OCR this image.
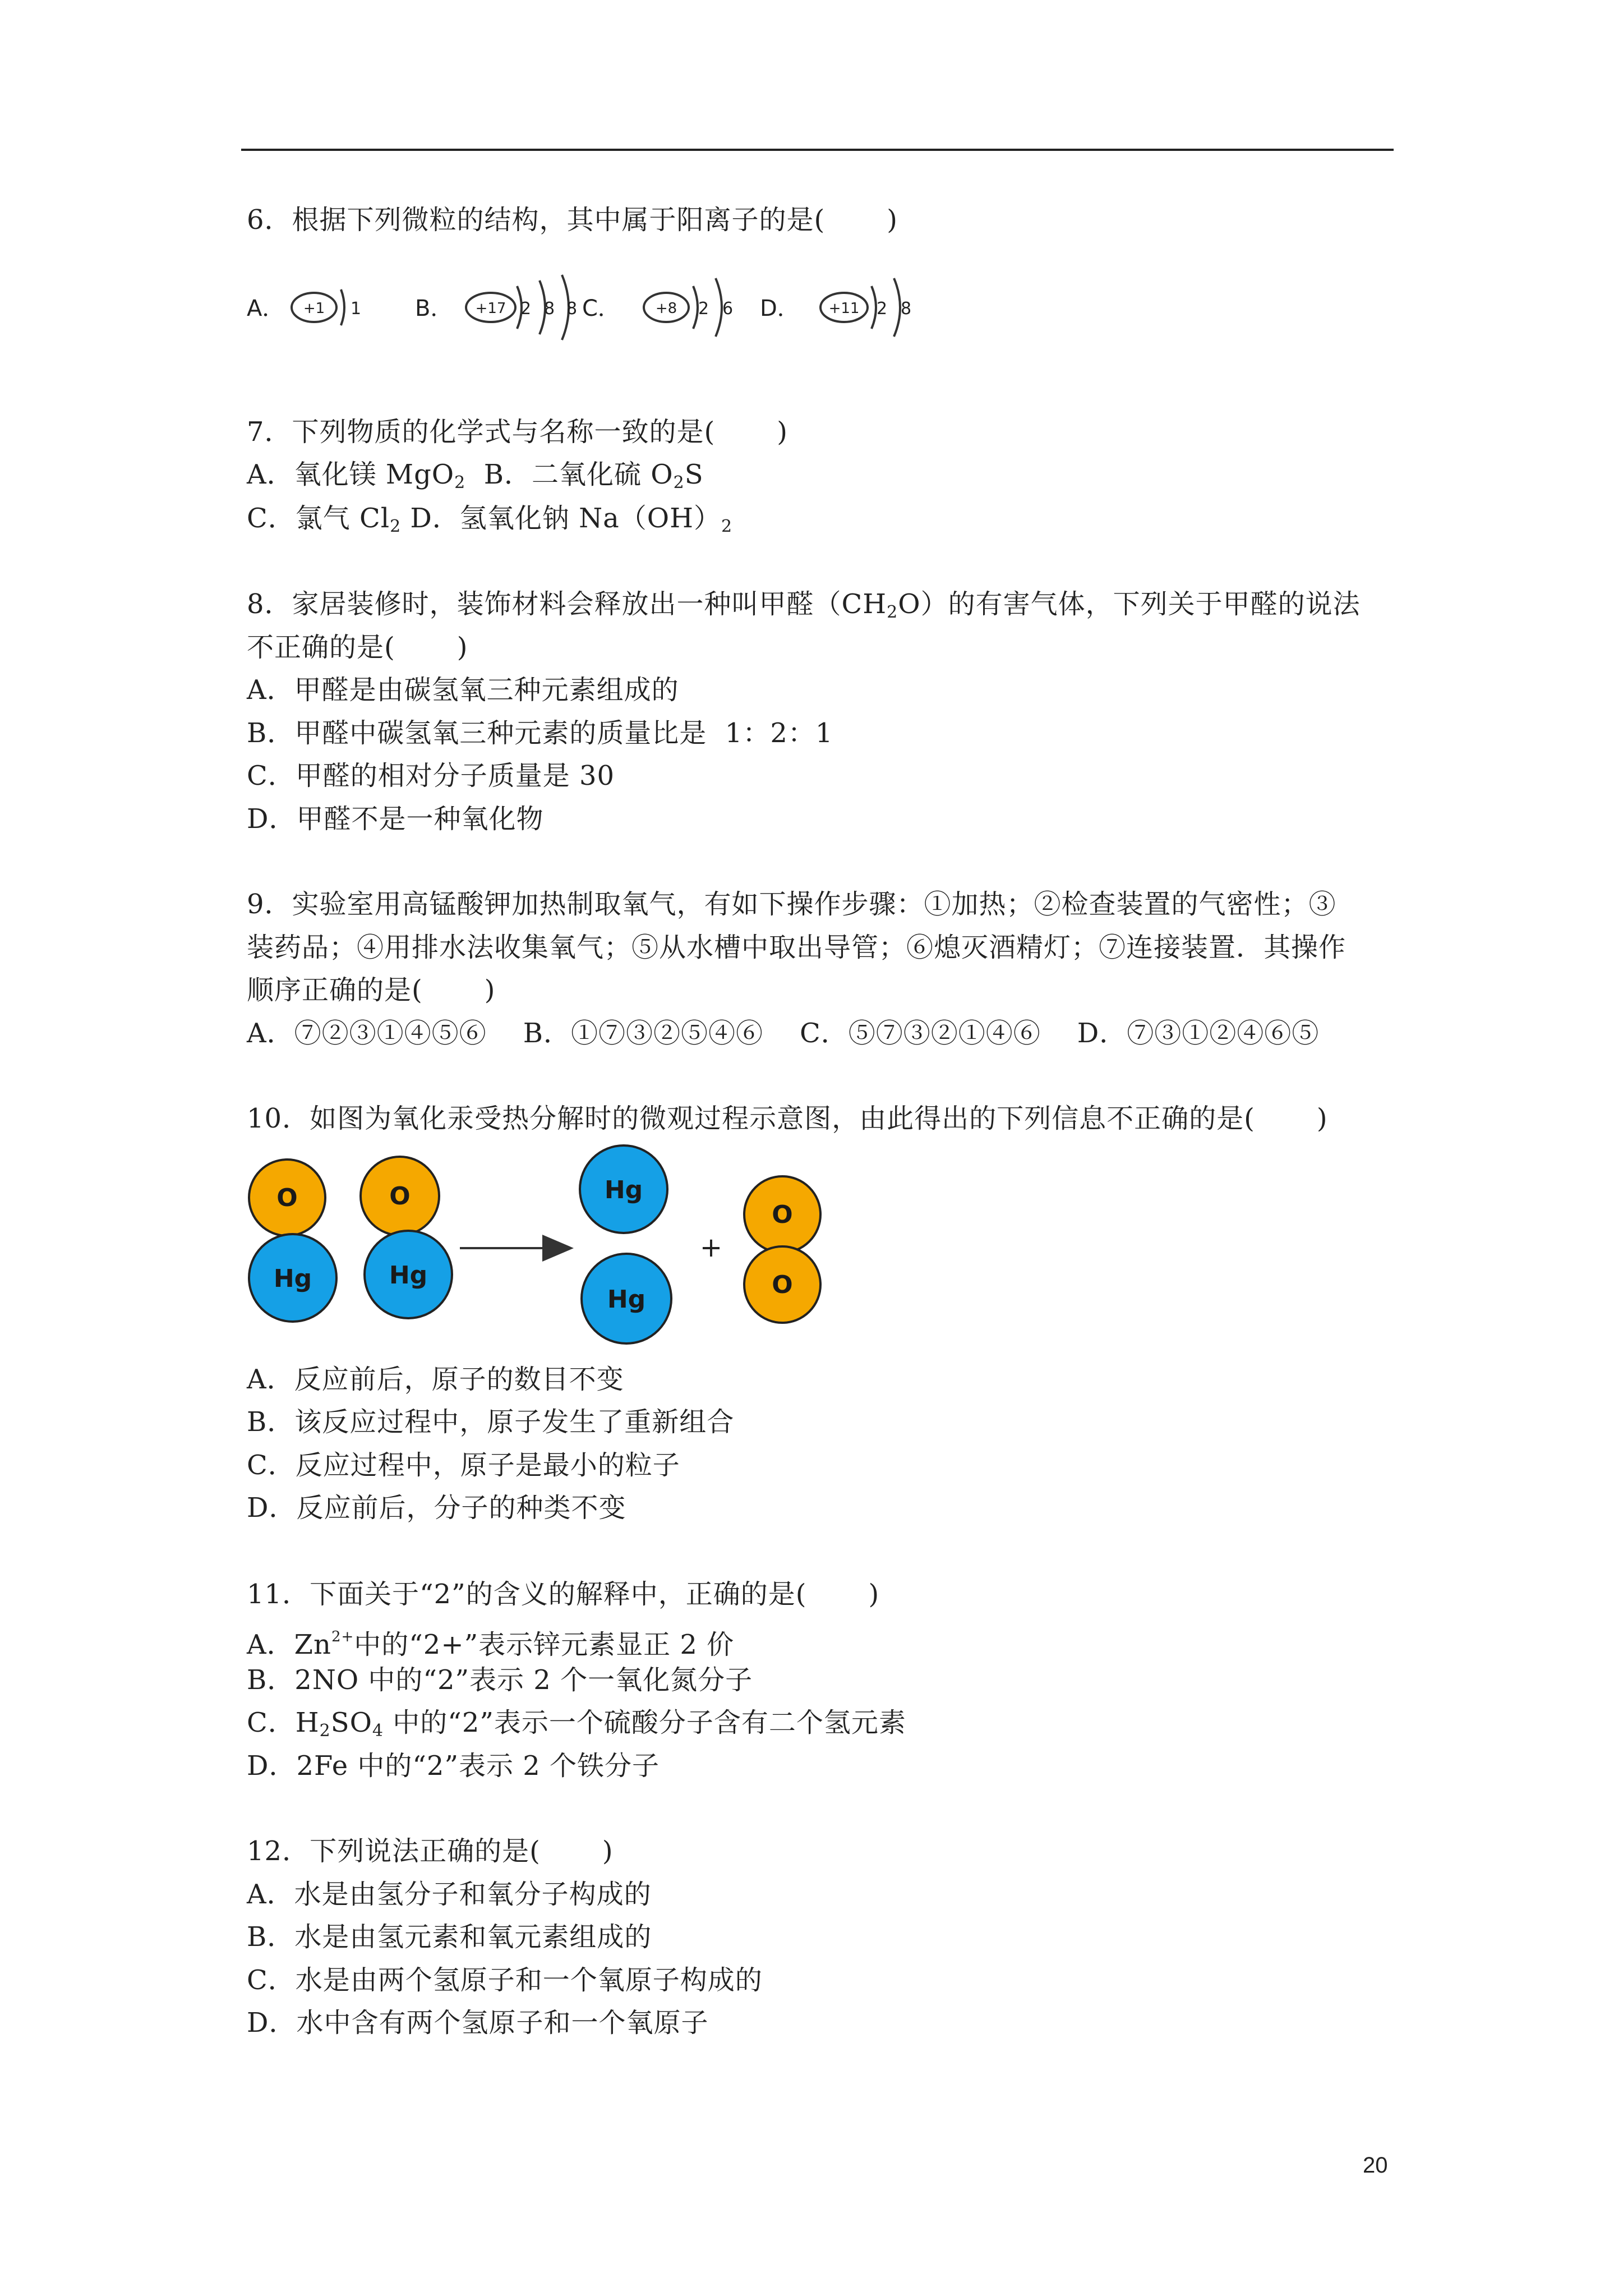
6．根据下列微粒的结构，其中属于阳离子的是( )
A． +1 1 B． +17 2 8 8 C． +8 2 6 D． +11 2 8
7．下列物质的化学式与名称一致的是( )
A．氧化镁 MgO$_2$  B．二氧化硫 $O_2S$
C．氯气 $Cl_2$ D．氢氧化钠 $Na(OH)_2$
8．家居装修时，装饰材料会释放出一种叫甲醛$(CH_2O)$的有害气体，下列关于甲醛的说法
不正确的是( )
A．甲醛是由碳氢氧三种元素组成的
B．甲醛中碳氢氧三种元素的质量比是  1：2：1
C．甲醛的相对分子质量是 30
D．甲醛不是一种氧化物
9．实验室用高锰酸钾加热制取氧气，有如下操作步骤：①加热；②检查装置的气密性；③
装药品；④用排水法收集氧气；⑤从水槽中取出导管；⑥熄灭酒精灯；⑦连接装置．其操作
顺序正确的是( )
A．⑦②③①④⑤⑥    B．①⑦③②⑤④⑥    C．⑤⑦③②①④⑥    D．⑦③①②④⑥⑤
10．如图为氧化汞受热分解时的微观过程示意图，由此得出的下列信息不正确的是( )
O
Hg
O
Hg
Hg
Hg
+
O
O
A．反应前后，原子的数目不变
B．该反应过程中，原子发生了重新组合
C．反应过程中，原子是最小的粒子
D．反应前后，分子的种类不变
11．下面关于“2”的含义的解释中，正确的是( )
A．$Zn^{2+}$中的“2+”表示锌元素显正 2 价
B．2NO 中的“2”表示 2 个一氧化氮分子
C．$H_2SO_4$ 中的“2”表示一个硫酸分子含有二个氢元素
D．2Fe 中的“2”表示 2 个铁分子
12．下列说法正确的是( )
A．水是由氢分子和氧分子构成的
B．水是由氢元素和氧元素组成的
C．水是由两个氢原子和一个氧原子构成的
D．水中含有两个氢原子和一个氧原子
20
